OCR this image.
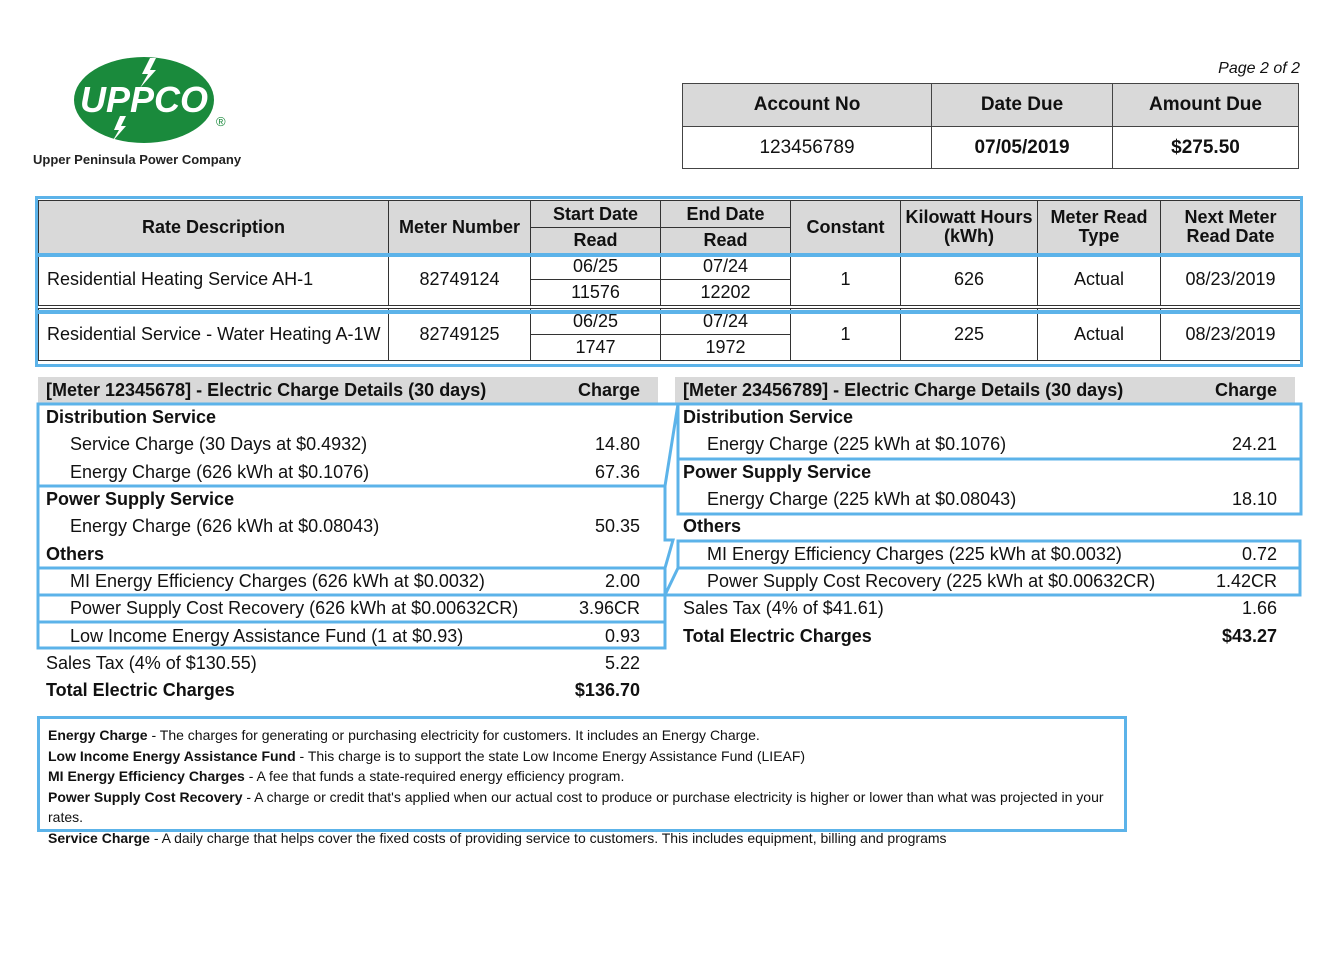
UPPCO
®
Upper Peninsula Power Company
Page 2 of 2
Account No	Date Due	Amount Due
123456789	07/05/2019	$275.50
Rate Description	Meter Number	Start Date	End Date	Constant	Kilowatt Hours (kWh)	Meter Read Type	Next Meter Read Date
		Read	Read				
Residential Heating Service AH-1	82749124	06/25	07/24	1	626	Actual	08/23/2019
		11576	12202				

Residential Service - Water Heating A-1W	82749125	06/25	07/24	1	225	Actual	08/23/2019
		1747	1972				
[Meter 12345678] - Electric Charge Details (30 days)	Charge
Distribution Service
Service Charge (30 Days at $0.4932)	14.80
Energy Charge (626 kWh at $0.1076)	67.36
Power Supply Service
Energy Charge (626 kWh at $0.08043)	50.35
Others
MI Energy Efficiency Charges (626 kWh at $0.0032)	2.00
Power Supply Cost Recovery (626 kWh at $0.00632CR)	3.96CR
Low Income Energy Assistance Fund (1 at $0.93)	0.93
Sales Tax (4% of $130.55)	5.22
Total Electric Charges	$136.70
[Meter 23456789] - Electric Charge Details (30 days)	Charge
Distribution Service
Energy Charge (225 kWh at $0.1076)	24.21
Power Supply Service
Energy Charge (225 kWh at $0.08043)	18.10
Others
MI Energy Efficiency Charges (225 kWh at $0.0032)	0.72
Power Supply Cost Recovery (225 kWh at $0.00632CR)	1.42CR
Sales Tax (4% of $41.61)	1.66
Total Electric Charges	$43.27
Energy Charge - The charges for generating or purchasing electricity for customers. It includes an Energy Charge.
Low Income Energy Assistance Fund - This charge is to support the state Low Income Energy Assistance Fund (LIEAF)
MI Energy Efficiency Charges - A fee that funds a state-required energy efficiency program.
Power Supply Cost Recovery - A charge or credit that's applied when our actual cost to produce or purchase electricity is higher or lower than what was projected in your rates.
Service Charge - A daily charge that helps cover the fixed costs of providing service to customers. This includes equipment, billing and programs
